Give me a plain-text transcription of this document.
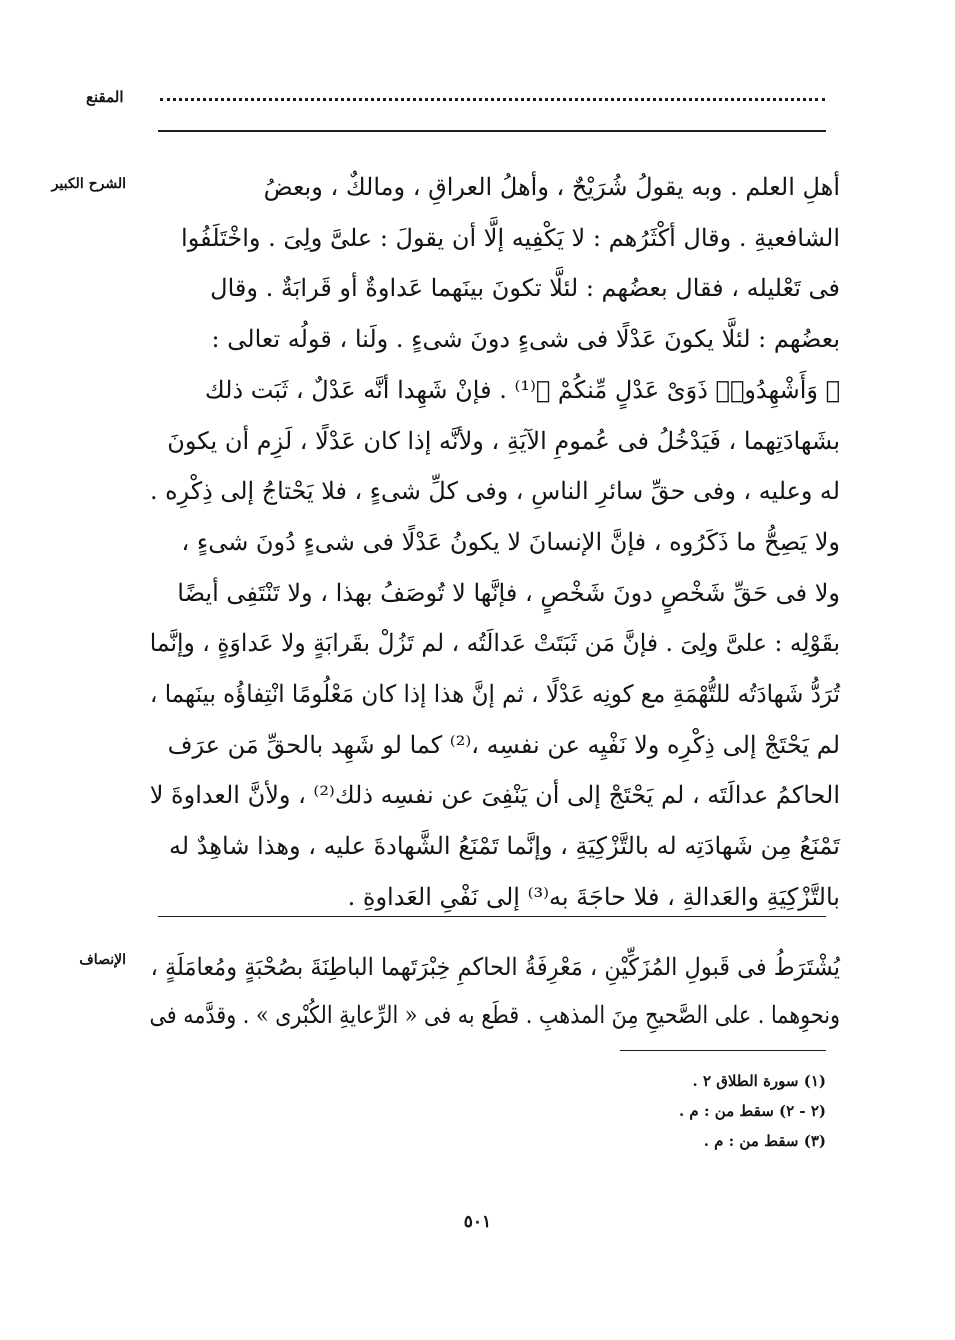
المقنع
الشرح الكبير	أهلِ العلم . وبه يقولُ شُرَيْحٌ ، وأهلُ العراقِ ، ومالكٌ ، وبعضُ
الشافعيةِ . وقال أكْثَرُهم : لا يَكْفِيه إلَّا أن يقولَ : علىَّ ولِىَ . واخْتَلَفُوا
فى تَعْليله ، فقال بعضُهم : لئلَّا تكونَ بينَهما عَداوةٌ أو قَرابَةٌ . وقال
بعضُهم : لئلَّا يكونَ عَدْلًا فى شىءٍ دونَ شىءٍ . ولَنا ، قولُه تعالى :
﴿ وَأَشْهِدُوا۟ ذَوَىْ عَدْلٍ مِّنكُمْ ﴾⁽¹⁾ . فإنْ شَهِدا أنَّه عَدْلٌ ، ثَبَت ذلك
بشَهادَتِهما ، فَيَدْخُلُ فى عُمومِ الآيَةِ ، ولأنَّه إذا كان عَدْلًا ، لَزِم أن يكونَ
له وعليه ، وفى حقِّ سائرِ الناسِ ، وفى كلِّ شىءٍ ، فلا يَحْتاجُ إلى ذِكْرِه .
ولا يَصِحُّ ما ذَكَرُوه ، فإنَّ الإنسانَ لا يكونُ عَدْلًا فى شىءٍ دُونَ شىءٍ ،
ولا فى حَقِّ شَخْصٍ دونَ شَخْصٍ ، فإنَّها لا تُوصَفُ بهذا ، ولا تَنْتَفِى أيضًا
بقَوْلِه : علىَّ ولِىَ . فإنَّ مَن ثَبَتَتْ عَدالَتُه ، لم تَزُلْ بقَرابَةٍ ولا عَداوَةٍ ، وإنَّما
تُرَدُّ شَهادَتُه للتُّهْمَةِ مع كونِه عَدْلًا ، ثم إنَّ هذا إذا كان مَعْلُومًا انْتِفاؤُه بينَهما ،
لم يَحْتَجْ إلى ذِكْرِه ولا نَفْيِه عن نفسِه ،⁽²⁾ كما لو شَهِد بالحقِّ مَن عرَف
الحاكمُ عدالَتَه ، لم يَحْتَجْ إلى أن يَنْفِىَ عن نفسِه ذلك⁽²⁾ ، ولأنَّ العداوةَ لا
تَمْنَعُ مِن شَهادَتِه له بالتَّزْكِيَةِ ، وإنَّما تَمْنَعُ الشَّهادةَ عليه ، وهذا شاهِدٌ له
بالتَّزْكِيَةِ والعَدالةِ ، فلا حاجَةَ به⁽³⁾ إلى نَفْىِ العَداوةِ .
الإنصاف يُشْتَرَطُ فى قَبولِ المُزَكِّيْنِ ، مَعْرِفَةُ الحاكمِ خِبْرَتَهما الباطِنَةَ بصُحْبَةٍ ومُعامَلَةٍ ،
ونحوِهما . على الصَّحيحِ مِنَ المذهبِ . قطَع به فى « الرِّعايةِ الكُبْرى » . وقدَّمه فى
(١) سورة الطلاق ٢ .
(٢ - ٢) سقط من : م .
(٣) سقط من : م .
٥٠١
